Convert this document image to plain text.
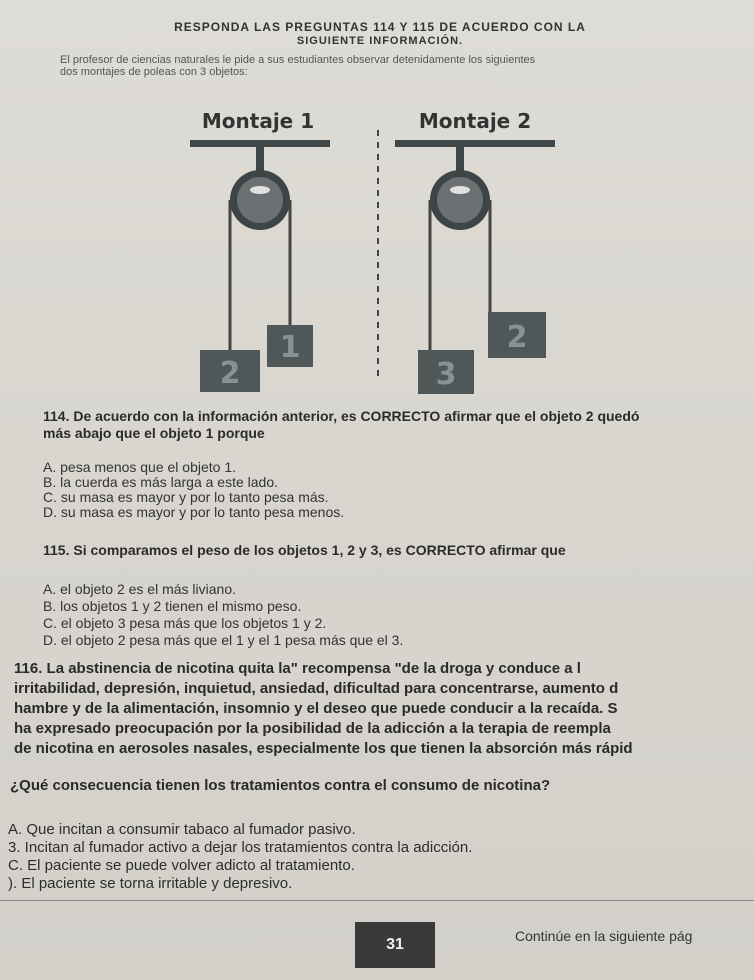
RESPONDA LAS PREGUNTAS 114 Y 115 DE ACUERDO CON LA
SIGUIENTE INFORMACIÓN.
El profesor de ciencias naturales le pide a sus estudiantes observar detenidamente los siguientes
dos montajes de poleas con 3 objetos:
Montaje 1
2
1
Montaje 2
3
2
114. De acuerdo con la información anterior, es CORRECTO afirmar que el objeto 2 quedó
más abajo que el objeto 1 porque
A. pesa menos que el objeto 1.
B. la cuerda es más larga a este lado.
C. su masa es mayor y por lo tanto pesa más.
D. su masa es mayor y por lo tanto pesa menos.
115. Si comparamos el peso de los objetos 1, 2 y 3, es CORRECTO afirmar que
A. el objeto 2 es el más liviano.
B. los objetos 1 y 2 tienen el mismo peso.
C. el objeto 3 pesa más que los objetos 1 y 2.
D. el objeto 2 pesa más que el 1 y el 1 pesa más que el 3.
116. La abstinencia de nicotina quita la" recompensa "de la droga y conduce a l
irritabilidad, depresión, inquietud, ansiedad, dificultad para concentrarse, aumento d
hambre y de la alimentación, insomnio y el deseo que puede conducir a la recaída. S
ha expresado preocupación por la posibilidad de la adicción a la terapia de reempla
de nicotina en aerosoles nasales, especialmente los que tienen la absorción más rápid
¿Qué consecuencia tienen los tratamientos contra el consumo de nicotina?
A. Que incitan a consumir tabaco al fumador pasivo.
3. Incitan al fumador activo a dejar los tratamientos contra la adicción.
C. El paciente se puede volver adicto al tratamiento.
). El paciente se torna irritable y depresivo.
31	Continúe en la siguiente pág
